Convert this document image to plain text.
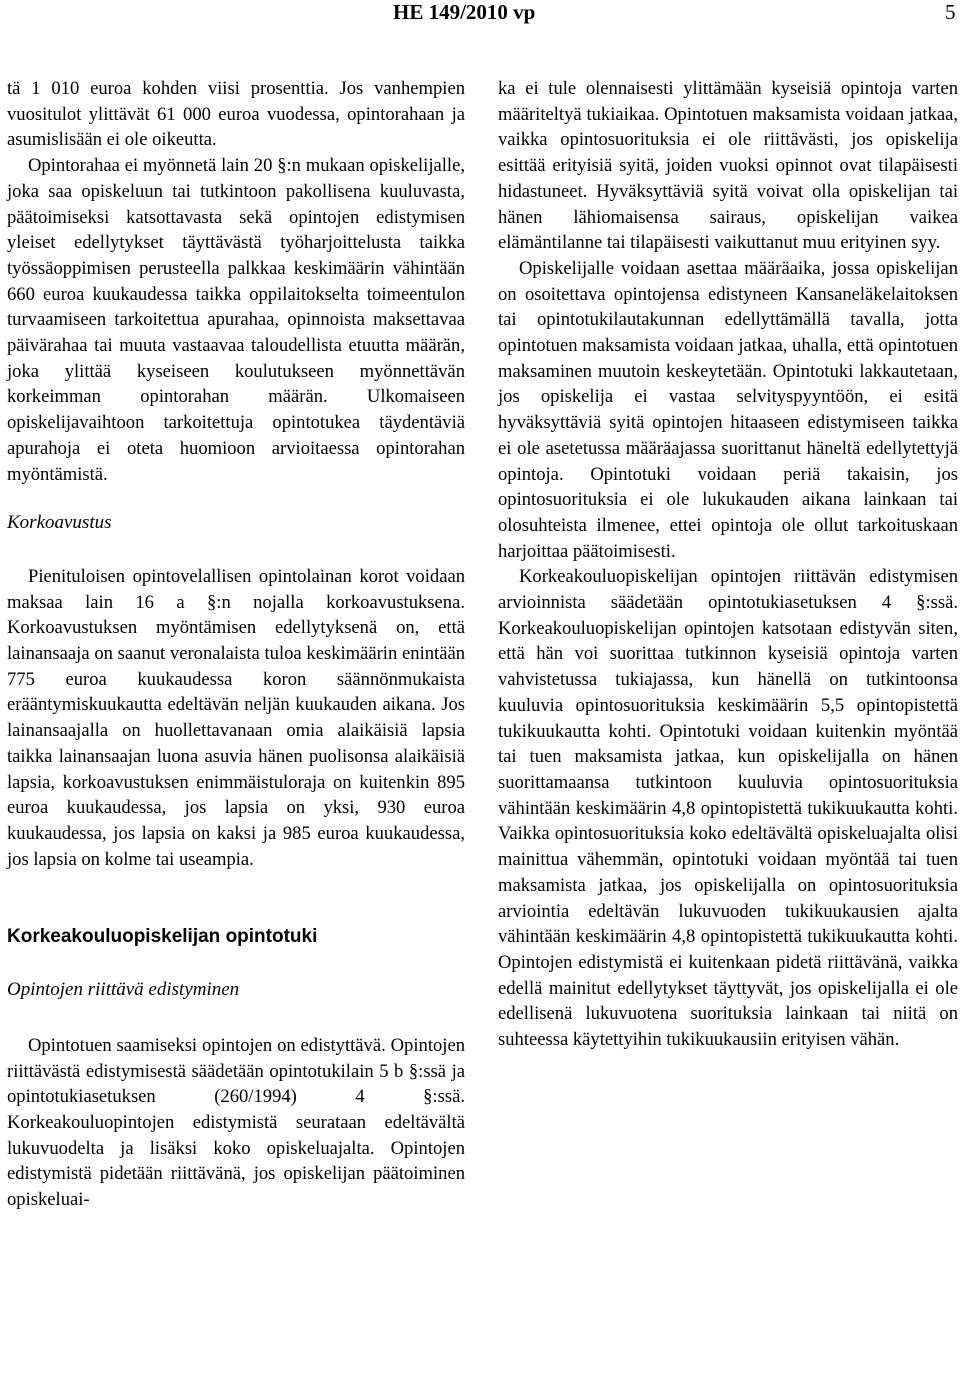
HE 149/2010 vp	5

tä 1 010 euroa kohden viisi prosenttia. Jos vanhempien vuositulot ylittävät 61 000 euroa vuodessa, opintorahaan ja asumislisään ei ole oikeutta.

Opintorahaa ei myönnetä lain 20 §:n mukaan opiskelijalle, joka saa opiskeluun tai tutkintoon pakollisena kuuluvasta, päätoimiseksi katsottavasta sekä opintojen edistymisen yleiset edellytykset täyttävästä työharjoittelusta taikka työssäoppimisen perusteella palkkaa keskimäärin vähintään 660 euroa kuukaudessa taikka oppilaitokselta toimeentulon turvaamiseen tarkoitettua apurahaa, opinnoista maksettavaa päivärahaa tai muuta vastaavaa taloudellista etuutta määrän, joka ylittää kyseiseen koulutukseen myönnettävän korkeimman opintorahan määrän. Ulkomaiseen opiskelijavaihtoon tarkoitettuja opintotukea täydentäviä apurahoja ei oteta huomioon arvioitaessa opintorahan myöntämistä.

Korkoavustus

Pienituloisen opintovelallisen opintolainan korot voidaan maksaa lain 16 a §:n nojalla korkoavustuksena. Korkoavustuksen myöntämisen edellytyksenä on, että lainansaaja on saanut veronalaista tuloa keskimäärin enintään 775 euroa kuukaudessa koron säännönmukaista erääntymiskuukautta edeltävän neljän kuukauden aikana. Jos lainansaajalla on huollettavanaan omia alaikäisiä lapsia taikka lainansaajan luona asuvia hänen puolisonsa alaikäisiä lapsia, korkoavustuksen enimmäistuloraja on kuitenkin 895 euroa kuukaudessa, jos lapsia on yksi, 930 euroa kuukaudessa, jos lapsia on kaksi ja 985 euroa kuukaudessa, jos lapsia on kolme tai useampia.

Korkeakouluopiskelijan opintotuki
Opintojen riittävä edistyminen

Opintotuen saamiseksi opintojen on edistyttävä. Opintojen riittävästä edistymisestä säädetään opintotukilain 5 b §:ssä ja opintotukiasetuksen (260/1994) 4 §:ssä. Korkeakouluopintojen edistymistä seurataan edeltävältä lukuvuodelta ja lisäksi koko opiskeluajalta. Opintojen edistymistä pidetään riittävänä, jos opiskelijan päätoiminen opiskeluai-

ka ei tule olennaisesti ylittämään kyseisiä opintoja varten määriteltyä tukiaikaa. Opintotuen maksamista voidaan jatkaa, vaikka opintosuorituksia ei ole riittävästi, jos opiskelija esittää erityisiä syitä, joiden vuoksi opinnot ovat tilapäisesti hidastuneet. Hyväksyttäviä syitä voivat olla opiskelijan tai hänen lähiomaisensa sairaus, opiskelijan vaikea elämäntilanne tai tilapäisesti vaikuttanut muu erityinen syy.

Opiskelijalle voidaan asettaa määräaika, jossa opiskelijan on osoitettava opintojensa edistyneen Kansaneläkelaitoksen tai opintotukilautakunnan edellyttämällä tavalla, jotta opintotuen maksamista voidaan jatkaa, uhalla, että opintotuen maksaminen muutoin keskeytetään. Opintotuki lakkautetaan, jos opiskelija ei vastaa selvityspyyntöön, ei esitä hyväksyttäviä syitä opintojen hitaaseen edistymiseen taikka ei ole asetetussa määräajassa suorittanut häneltä edellytettyjä opintoja. Opintotuki voidaan periä takaisin, jos opintosuorituksia ei ole lukukauden aikana lainkaan tai olosuhteista ilmenee, ettei opintoja ole ollut tarkoituskaan harjoittaa päätoimisesti.

Korkeakouluopiskelijan opintojen riittävän edistymisen arvioinnista säädetään opintotukiasetuksen 4 §:ssä. Korkeakouluopiskelijan opintojen katsotaan edistyvän siten, että hän voi suorittaa tutkinnon kyseisiä opintoja varten vahvistetussa tukiajassa, kun hänellä on tutkintoonsa kuuluvia opintosuorituksia keskimäärin 5,5 opintopistettä tukikuukautta kohti. Opintotuki voidaan kuitenkin myöntää tai tuen maksamista jatkaa, kun opiskelijalla on hänen suorittamaansa tutkintoon kuuluvia opintosuorituksia vähintään keskimäärin 4,8 opintopistettä tukikuukautta kohti. Vaikka opintosuorituksia koko edeltävältä opiskeluajalta olisi mainittua vähemmän, opintotuki voidaan myöntää tai tuen maksamista jatkaa, jos opiskelijalla on opintosuorituksia arviointia edeltävän lukuvuoden tukikuukausien ajalta vähintään keskimäärin 4,8 opintopistettä tukikuukautta kohti. Opintojen edistymistä ei kuitenkaan pidetä riittävänä, vaikka edellä mainitut edellytykset täyttyvät, jos opiskelijalla ei ole edellisenä lukuvuotena suorituksia lainkaan tai niitä on suhteessa käytettyihin tukikuukausiin erityisen vähän.
